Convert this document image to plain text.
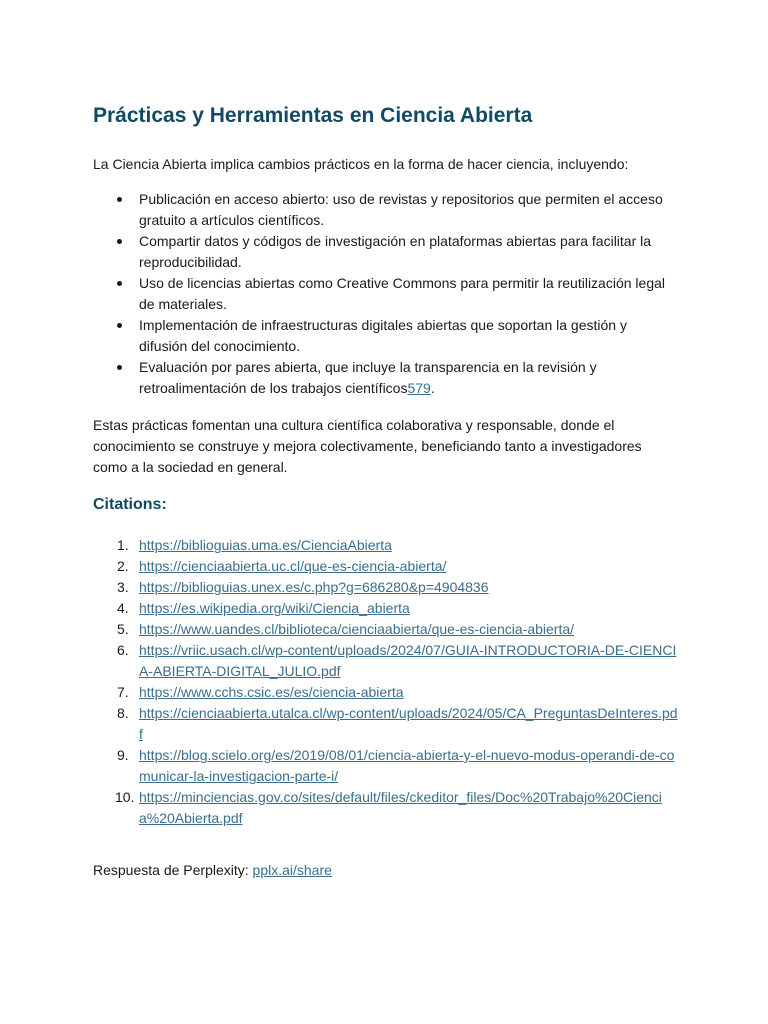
Prácticas y Herramientas en Ciencia Abierta

La Ciencia Abierta implica cambios prácticos en la forma de hacer ciencia, incluyendo:

Publicación en acceso abierto: uso de revistas y repositorios que permiten el acceso gratuito a artículos científicos.
Compartir datos y códigos de investigación en plataformas abiertas para facilitar la reproducibilidad.
Uso de licencias abiertas como Creative Commons para permitir la reutilización legal de materiales.
Implementación de infraestructuras digitales abiertas que soportan la gestión y difusión del conocimiento.
Evaluación por pares abierta, que incluye la transparencia en la revisión y retroalimentación de los trabajos científicos579.

Estas prácticas fomentan una cultura científica colaborativa y responsable, donde el conocimiento se construye y mejora colectivamente, beneficiando tanto a investigadores como a la sociedad en general.

Citations:
1. https://biblioguias.uma.es/CienciaAbierta
2. https://cienciaabierta.uc.cl/que-es-ciencia-abierta/
3. https://biblioguias.unex.es/c.php?g=686280&p=4904836
4. https://es.wikipedia.org/wiki/Ciencia_abierta
5. https://www.uandes.cl/biblioteca/cienciaabierta/que-es-ciencia-abierta/
6. https://vriic.usach.cl/wp-content/uploads/2024/07/GUIA-INTRODUCTORIA-DE-CIENCIA-ABIERTA-DIGITAL_JULIO.pdf
7. https://www.cchs.csic.es/es/ciencia-abierta
8. https://cienciaabierta.utalca.cl/wp-content/uploads/2024/05/CA_PreguntasDeInteres.pdf
9. https://blog.scielo.org/es/2019/08/01/ciencia-abierta-y-el-nuevo-modus-operandi-de-comunicar-la-investigacion-parte-i/
10. https://minciencias.gov.co/sites/default/files/ckeditor_files/Doc%20Trabajo%20Ciencia%20Abierta.pdf

Respuesta de Perplexity: pplx.ai/share
